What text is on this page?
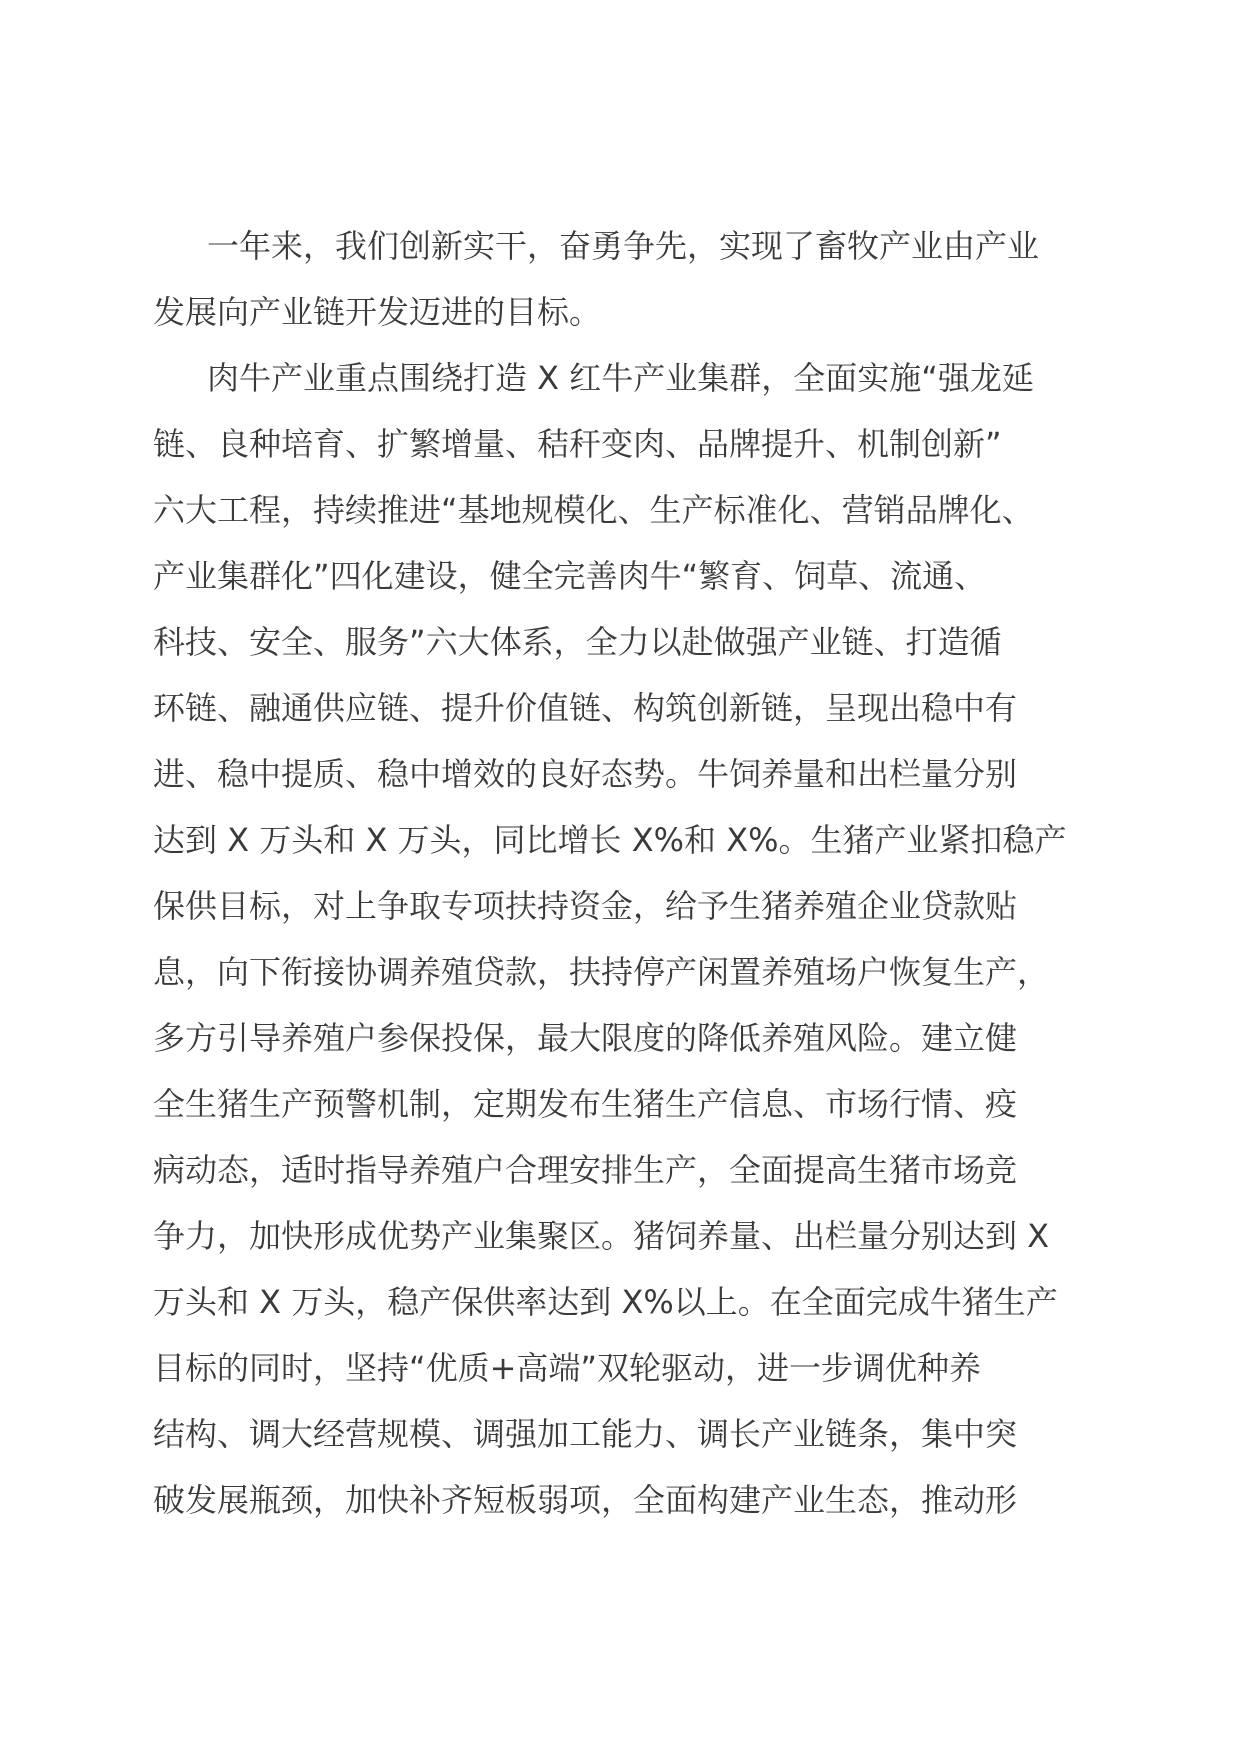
一年来，我们创新实干，奋勇争先，实现了畜牧产业由产业
发展向产业链开发迈进的目标。
肉牛产业重点围绕打造 X 红牛产业集群，全面实施“强龙延
链、良种培育、扩繁增量、秸秆变肉、品牌提升、机制创新”
六大工程，持续推进“基地规模化、生产标准化、营销品牌化、
产业集群化”四化建设，健全完善肉牛“繁育、饲草、流通、
科技、安全、服务”六大体系，全力以赴做强产业链、打造循
环链、融通供应链、提升价值链、构筑创新链，呈现出稳中有
进、稳中提质、稳中增效的良好态势。牛饲养量和出栏量分别
达到 X 万头和 X 万头，同比增长 X%和 X%。生猪产业紧扣稳产
保供目标，对上争取专项扶持资金，给予生猪养殖企业贷款贴
息，向下衔接协调养殖贷款，扶持停产闲置养殖场户恢复生产，
多方引导养殖户参保投保，最大限度的降低养殖风险。建立健
全生猪生产预警机制，定期发布生猪生产信息、市场行情、疫
病动态，适时指导养殖户合理安排生产，全面提高生猪市场竞
争力，加快形成优势产业集聚区。猪饲养量、出栏量分别达到 X
万头和 X 万头，稳产保供率达到 X%以上。在全面完成牛猪生产
目标的同时，坚持“优质+高端”双轮驱动，进一步调优种养
结构、调大经营规模、调强加工能力、调长产业链条，集中突
破发展瓶颈，加快补齐短板弱项，全面构建产业生态，推动形
